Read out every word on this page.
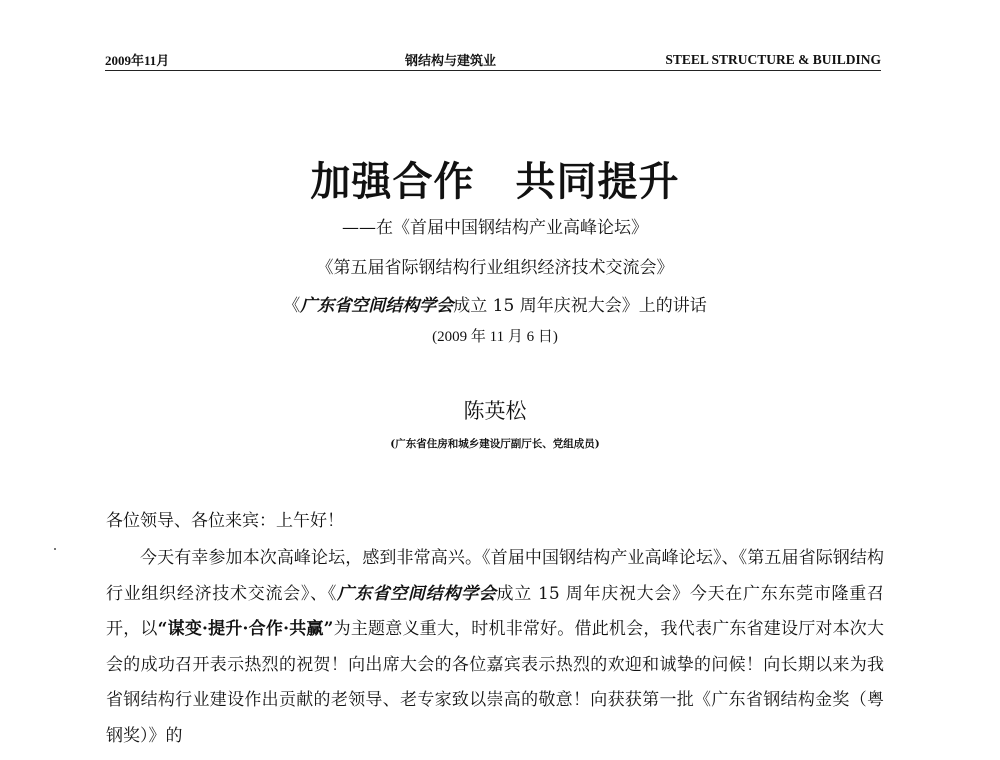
2009年11月	钢结构与建筑业	STEEL STRUCTURE & BUILDING
加强合作　共同提升
——在《首届中国钢结构产业高峰论坛》
《第五届省际钢结构行业组织经济技术交流会》
《广东省空间结构学会成立 15 周年庆祝大会》上的讲话
(2009 年 11 月 6 日)
陈英松
(广东省住房和城乡建设厅副厅长、党组成员)
各位领导、各位来宾：上午好！

今天有幸参加本次高峰论坛，感到非常高兴。《首届中国钢结构产业高峰论坛》、《第五届省际钢结构行业组织经济技术交流会》、《广东省空间结构学会成立 15 周年庆祝大会》今天在广东东莞市隆重召开，以“谋变·提升·合作·共赢”为主题意义重大，时机非常好。借此机会，我代表广东省建设厅对本次大会的成功召开表示热烈的祝贺！向出席大会的各位嘉宾表示热烈的欢迎和诚挚的问候！向长期以来为我省钢结构行业建设作出贡献的老领导、老专家致以崇高的敬意！向获获第一批《广东省钢结构金奖（粤钢奖）》的
